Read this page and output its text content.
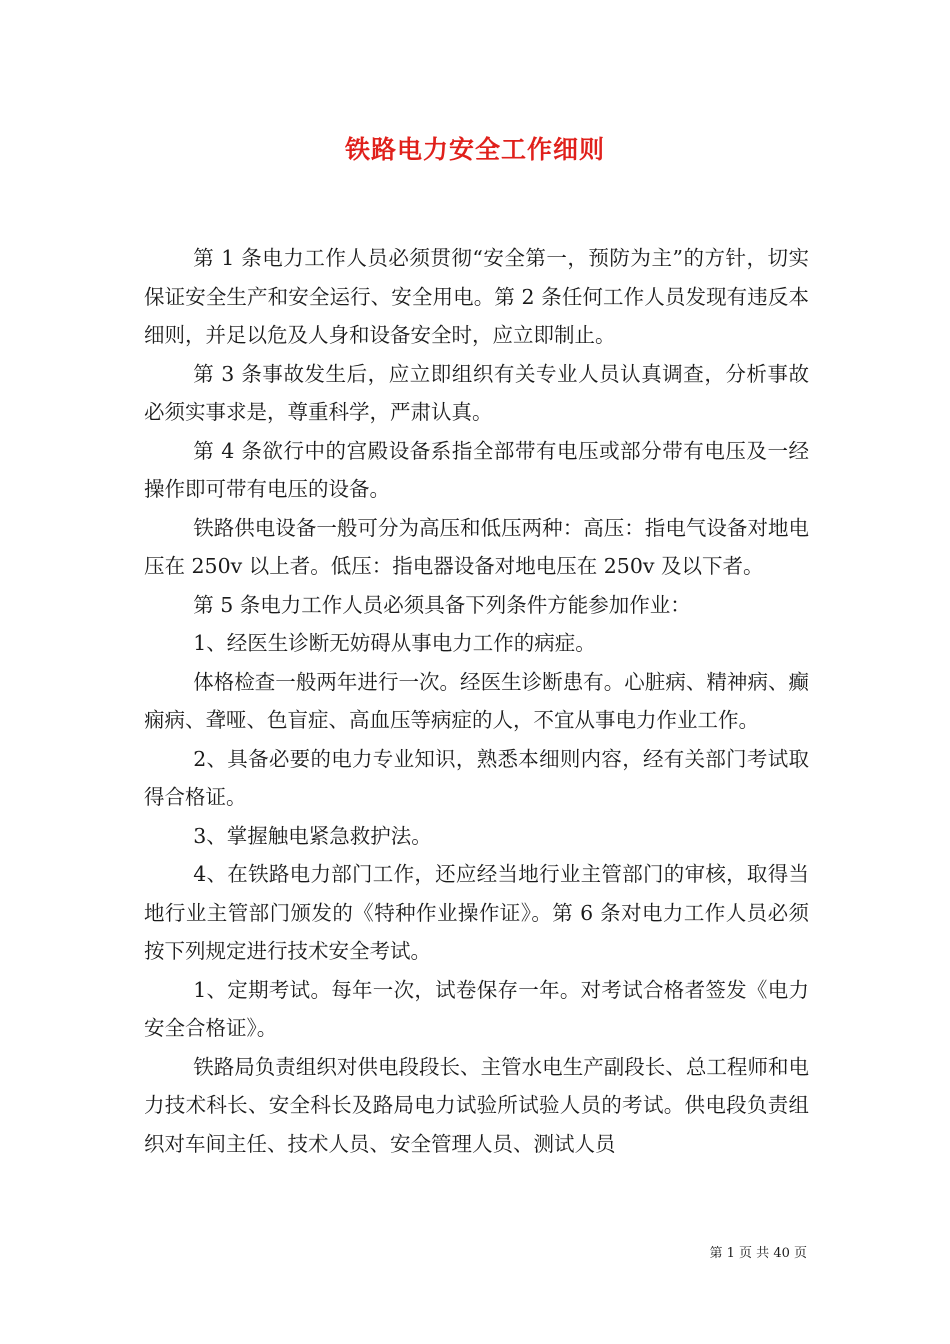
铁路电力安全工作细则

第 1 条电力工作人员必须贯彻“安全第一，预防为主”的方针，切实保证安全生产和安全运行、安全用电。第 2 条任何工作人员发现有违反本细则，并足以危及人身和设备安全时，应立即制止。

第 3 条事故发生后，应立即组织有关专业人员认真调查，分析事故必须实事求是，尊重科学，严肃认真。

第 4 条欲行中的宫殿设备系指全部带有电压或部分带有电压及一经操作即可带有电压的设备。

铁路供电设备一般可分为高压和低压两种：高压：指电气设备对地电压在 250v 以上者。低压：指电器设备对地电压在 250v 及以下者。

第 5 条电力工作人员必须具备下列条件方能参加作业：

1、经医生诊断无妨碍从事电力工作的病症。

体格检查一般两年进行一次。经医生诊断患有。心脏病、精神病、癫痫病、聋哑、色盲症、高血压等病症的人，不宜从事电力作业工作。

2、具备必要的电力专业知识，熟悉本细则内容，经有关部门考试取得合格证。

3、掌握触电紧急救护法。

4、在铁路电力部门工作，还应经当地行业主管部门的审核，取得当地行业主管部门颁发的《特种作业操作证》。第 6 条对电力工作人员必须按下列规定进行技术安全考试。

1、定期考试。每年一次，试卷保存一年。对考试合格者签发《电力安全合格证》。

铁路局负责组织对供电段段长、主管水电生产副段长、总工程师和电力技术科长、安全科长及路局电力试验所试验人员的考试。供电段负责组织对车间主任、技术人员、安全管理人员、测试人员

第 1 页 共 40 页
